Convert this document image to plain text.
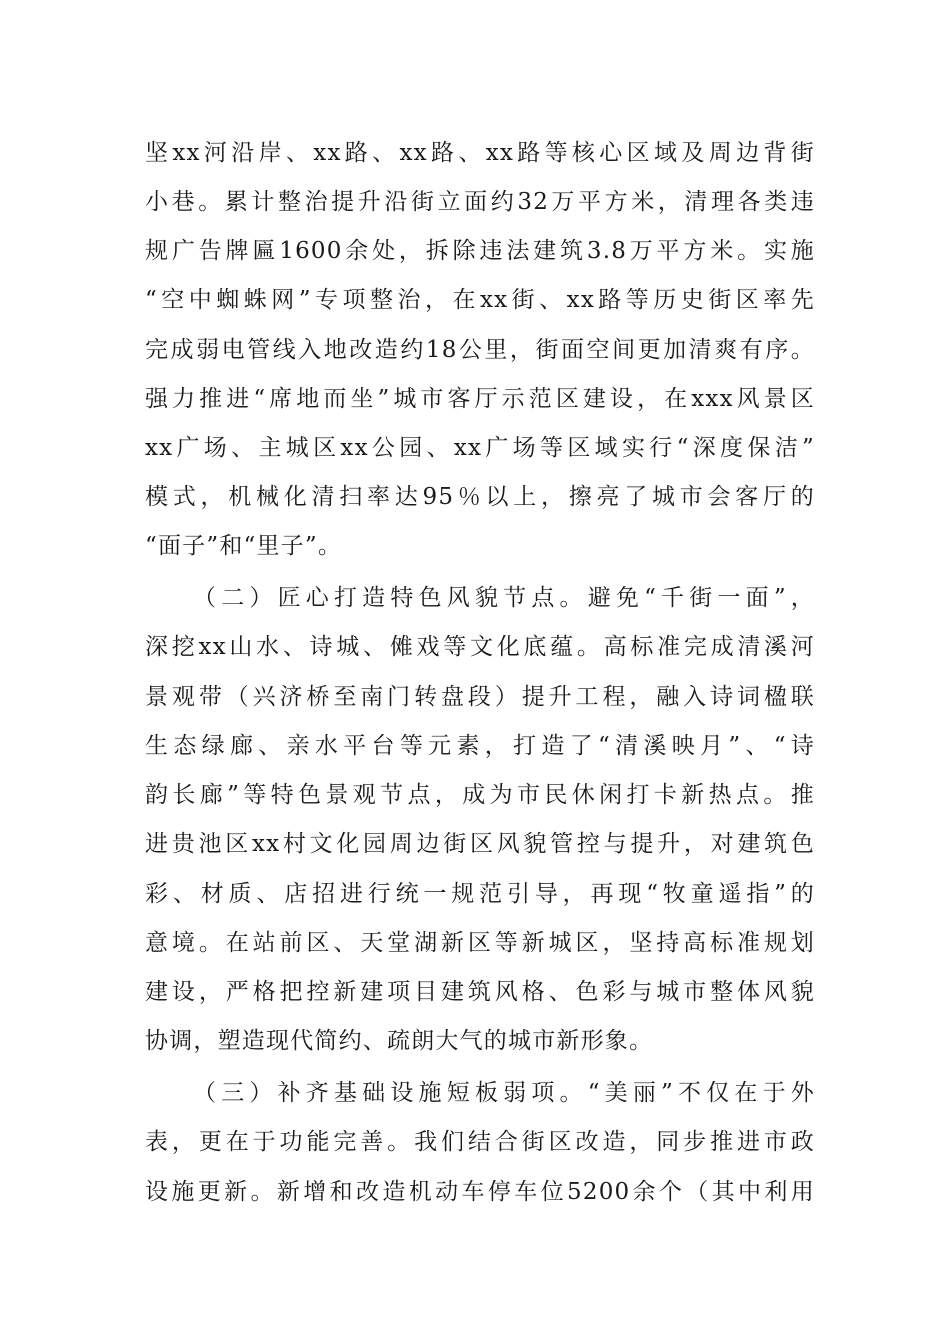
坚xx河沿岸、xx路、xx路、xx路等核心区域及周边背街
小巷。累计整治提升沿街立面约32万平方米，清理各类违
规广告牌匾1600余处，拆除违法建筑3.8万平方米。实施
“空中蜘蛛网”专项整治，在xx街、xx路等历史街区率先
完成弱电管线入地改造约18公里，街面空间更加清爽有序。
强力推进“席地而坐”城市客厅示范区建设，在xxx风景区
xx广场、主城区xx公园、xx广场等区域实行“深度保洁”
模式，机械化清扫率达95％以上，擦亮了城市会客厅的
“面子”和“里子”。
（二）匠心打造特色风貌节点。避免“千街一面”，
深挖xx山水、诗城、傩戏等文化底蕴。高标准完成清溪河
景观带（兴济桥至南门转盘段）提升工程，融入诗词楹联
生态绿廊、亲水平台等元素，打造了“清溪映月”、“诗
韵长廊”等特色景观节点，成为市民休闲打卡新热点。推
进贵池区xx村文化园周边街区风貌管控与提升，对建筑色
彩、材质、店招进行统一规范引导，再现“牧童遥指”的
意境。在站前区、天堂湖新区等新城区，坚持高标准规划
建设，严格把控新建项目建筑风格、色彩与城市整体风貌
协调，塑造现代简约、疏朗大气的城市新形象。
（三）补齐基础设施短板弱项。“美丽”不仅在于外
表，更在于功能完善。我们结合街区改造，同步推进市政
设施更新。新增和改造机动车停车位5200余个（其中利用
